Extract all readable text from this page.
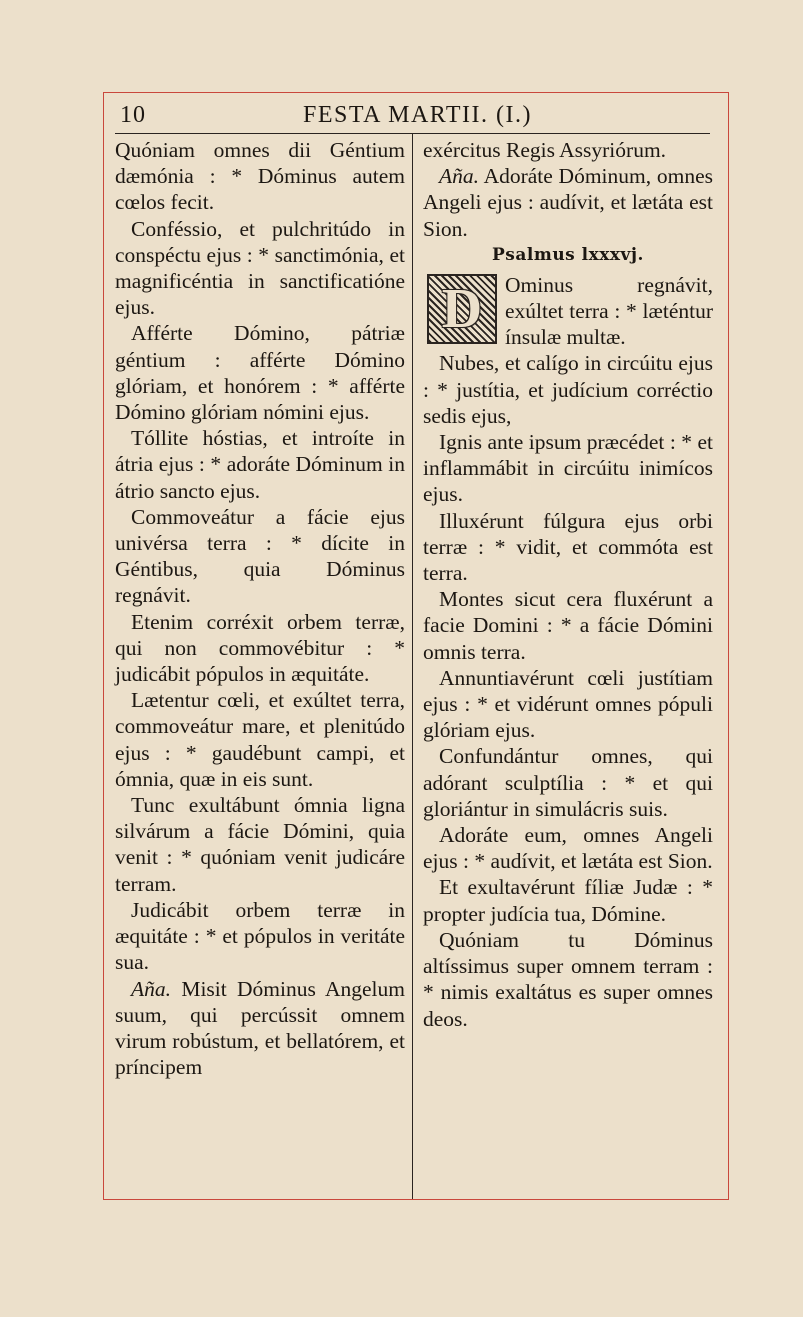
10	FESTA MARTII. (I.)

Quóniam omnes dii Géntium dæmónia : * Dóminus autem cœlos fecit.

Conféssio, et pulchritúdo in conspéctu ejus : * sanctimónia, et magnificéntia in sanctificatióne ejus.

Afférte Dómino, pátriæ géntium : afférte Dómino glóriam, et honórem : * afférte Dómino glóriam nómini ejus.

Tóllite hóstias, et introíte in átria ejus : * adoráte Dóminum in átrio sancto ejus.

Commoveátur a fácie ejus univérsa terra : * dícite in Géntibus, quia Dóminus regnávit.

Etenim corréxit orbem terræ, qui non commovébitur : * judicábit pópulos in æquitáte.

Lætentur cœli, et exúltet terra, commoveátur mare, et plenitúdo ejus : * gaudébunt campi, et ómnia, quæ in eis sunt.

Tunc exultábunt ómnia ligna silvárum a fácie Dómini, quia venit : * quóniam venit judicáre terram.

Judicábit orbem terræ in æquitáte : * et pópulos in veritáte sua.

Aña. Misit Dóminus Angelum suum, qui percússit omnem virum robústum, et bellatórem, et príncipem

exércitus Regis Assyriórum.

Aña. Adoráte Dóminum, omnes Angeli ejus : audívit, et lætáta est Sion.

Psalmus lxxxvj.
D	Ominus regnávit, exúltet terra : * læténtur ínsulæ multæ.

Nubes, et calígo in circúitu ejus : * justítia, et judícium corréctio sedis ejus,

Ignis ante ipsum præcédet : * et inflammábit in circúitu inimícos ejus.

Illuxérunt fúlgura ejus orbi terræ : * vidit, et commóta est terra.

Montes sicut cera fluxérunt a facie Domini : * a fácie Dómini omnis terra.

Annuntiavérunt cœli justítiam ejus : * et vidérunt omnes pópuli glóriam ejus.

Confundántur omnes, qui adórant sculptília : * et qui gloriántur in simulácris suis.

Adoráte eum, omnes Angeli ejus : * audívit, et lætáta est Sion.

Et exultavérunt fíliæ Judæ : * propter judícia tua, Dómine.

Quóniam tu Dóminus altíssimus super omnem terram : * nimis exaltátus es super omnes deos.
